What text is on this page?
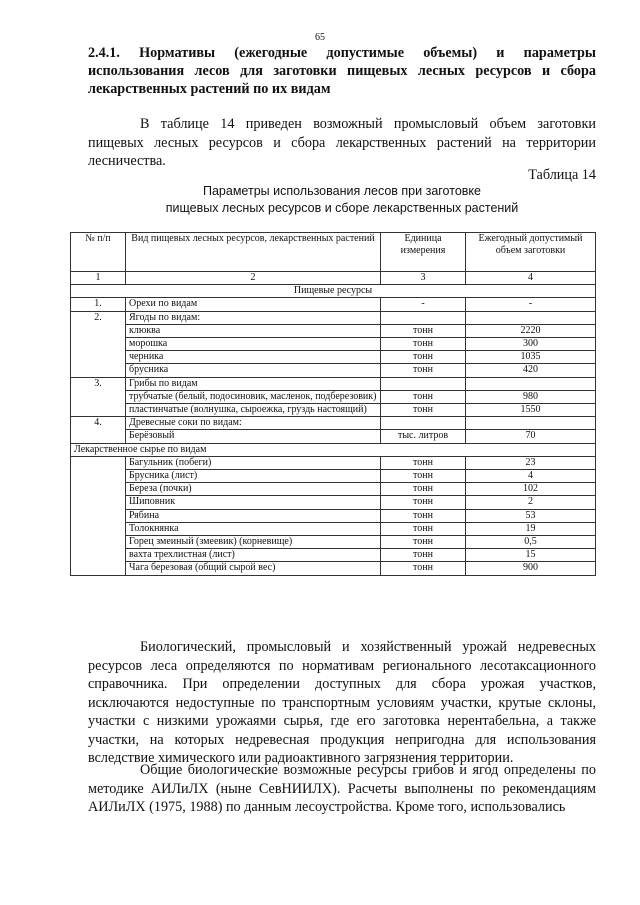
65
2.4.1. Нормативы (ежегодные допустимые объемы) и параметры использования лесов для заготовки пищевых лесных ресурсов и сбора лекарственных растений по их видам

В таблице 14 приведен возможный промысловый объем заготовки пищевых лесных ресурсов и сбора лекарственных растений на территории лесничества.

Таблица 14
Параметры использования лесов при заготовке
пищевых лесных ресурсов и сборе лекарственных растений
№ п/п	Вид пищевых лесных ресурсов, лекарственных растений	Единица измерения	Ежегодный допустимый объем заготовки
1	2	3	4
Пищевые ресурсы			
1.	Орехи по видам	-	-
2.	Ягоды по видам:		
	клюква	тонн	2220
	морошка	тонн	300
	черника	тонн	1035
	брусника	тонн	420
3.	Грибы по видам		
	трубчатые (белый, подосиновик, масленок, подберезовик)	тонн	980
	пластинчатые (волнушка, сыроежка, груздь настоящий)	тонн	1550
4.	Древесные соки по видам:		
	Берёзовый	тыс. литров	70
Лекарственное сырье по видам			
	Багульник (побеги)	тонн	23
	Брусника (лист)	тонн	4
	Береза (почки)	тонн	102
	Шиповник	тонн	2
	Рябина	тонн	53
	Толокнянка	тонн	19
	Горец змеиный (змеевик) (корневище)	тонн	0,5
	вахта трехлистная (лист)	тонн	15
	Чага березовая (общий сырой вес)	тонн	900

Биологический, промысловый и хозяйственный урожай недревесных ресурсов леса определяются по нормативам регионального лесотаксационного справочника. При определении доступных для сбора урожая участков, исключаются недоступные по транспортным условиям участки, крутые склоны, участки с низкими урожаями сырья, где его заготовка нерентабельна, а также участки, на которых недревесная продукция непригодна для использования вследствие химического или радиоактивного загрязнения территории.

Общие биологические возможные ресурсы грибов и ягод определены по методике АИЛиЛХ (ныне СевНИИЛХ). Расчеты выполнены по рекомендациям АИЛиЛХ (1975, 1988) по данным лесоустройства. Кроме того, использовались
